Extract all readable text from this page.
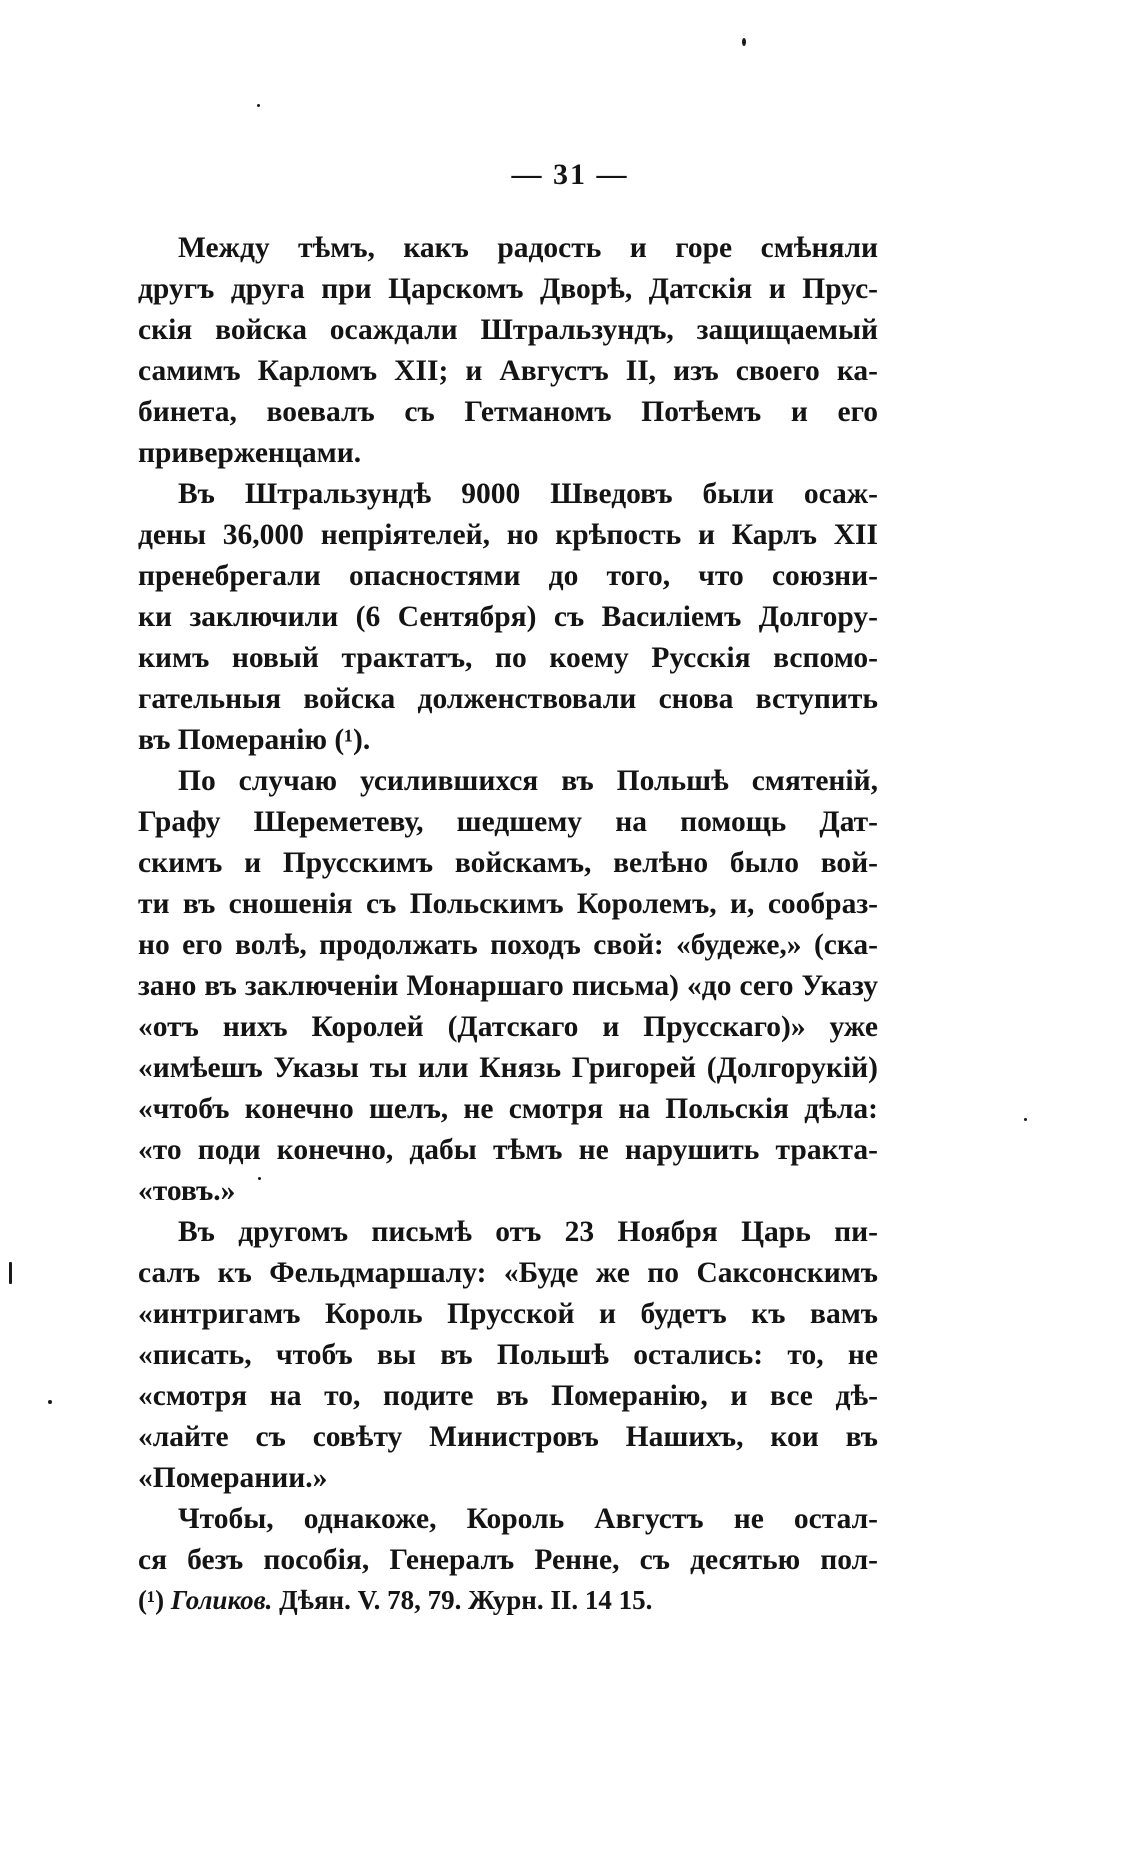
— 31 —
Между тѣмъ, какъ радость и горе смѣняли
другъ друга при Царскомъ Дворѣ, Датскія и Прус-
скія войска осаждали Штральзундъ, защищаемый
самимъ Карломъ XII; и Августъ II, изъ своего ка-
бинета, воевалъ съ Гетманомъ Потѣемъ и его
приверженцами.
Въ Штральзундѣ 9000 Шведовъ были осаж-
дены 36,000 непріятелей, но крѣпость и Карлъ XII
пренебрегали опасностями до того, что союзни-
ки заключили (6 Сентября) съ Василіемъ Долгору-
кимъ новый трактатъ, по коему Русскія вспомо-
гательныя войска долженствовали снова вступить
въ Померанію (¹).
По случаю усилившихся въ Польшѣ смятеній,
Графу Шереметеву, шедшему на помощь Дат-
скимъ и Прусскимъ войскамъ, велѣно было вой-
ти въ сношенія съ Польскимъ Королемъ, и, сообраз-
но его волѣ, продолжать походъ свой: «будеже,» (ска-
зано въ заключеніи Монаршаго письма) «до сего Указу
«отъ нихъ Королей (Датскаго и Прусскаго)» уже
«имѣешъ Указы ты или Князь Григорей (Долгорукій)
«чтобъ конечно шелъ, не смотря на Польскія дѣла:
«то поди конечно, дабы тѣмъ не нарушить тракта-
«товъ.»
Въ другомъ письмѣ отъ 23 Ноября Царь пи-
салъ къ Фельдмаршалу: «Буде же по Саксонскимъ
«интригамъ Король Прусской и будетъ къ вамъ
«писать, чтобъ вы въ Польшѣ остались: то, не
«смотря на то, подите въ Померанію, и все дѣ-
«лайте съ совѣту Министровъ Нашихъ, кои въ
«Померании.»
Чтобы, однакоже, Король Августъ не остал-
ся безъ пособія, Генералъ Ренне, съ десятью пол-
(¹) Голиков. Дѣян. V. 78, 79. Журн. II. 14 15.
